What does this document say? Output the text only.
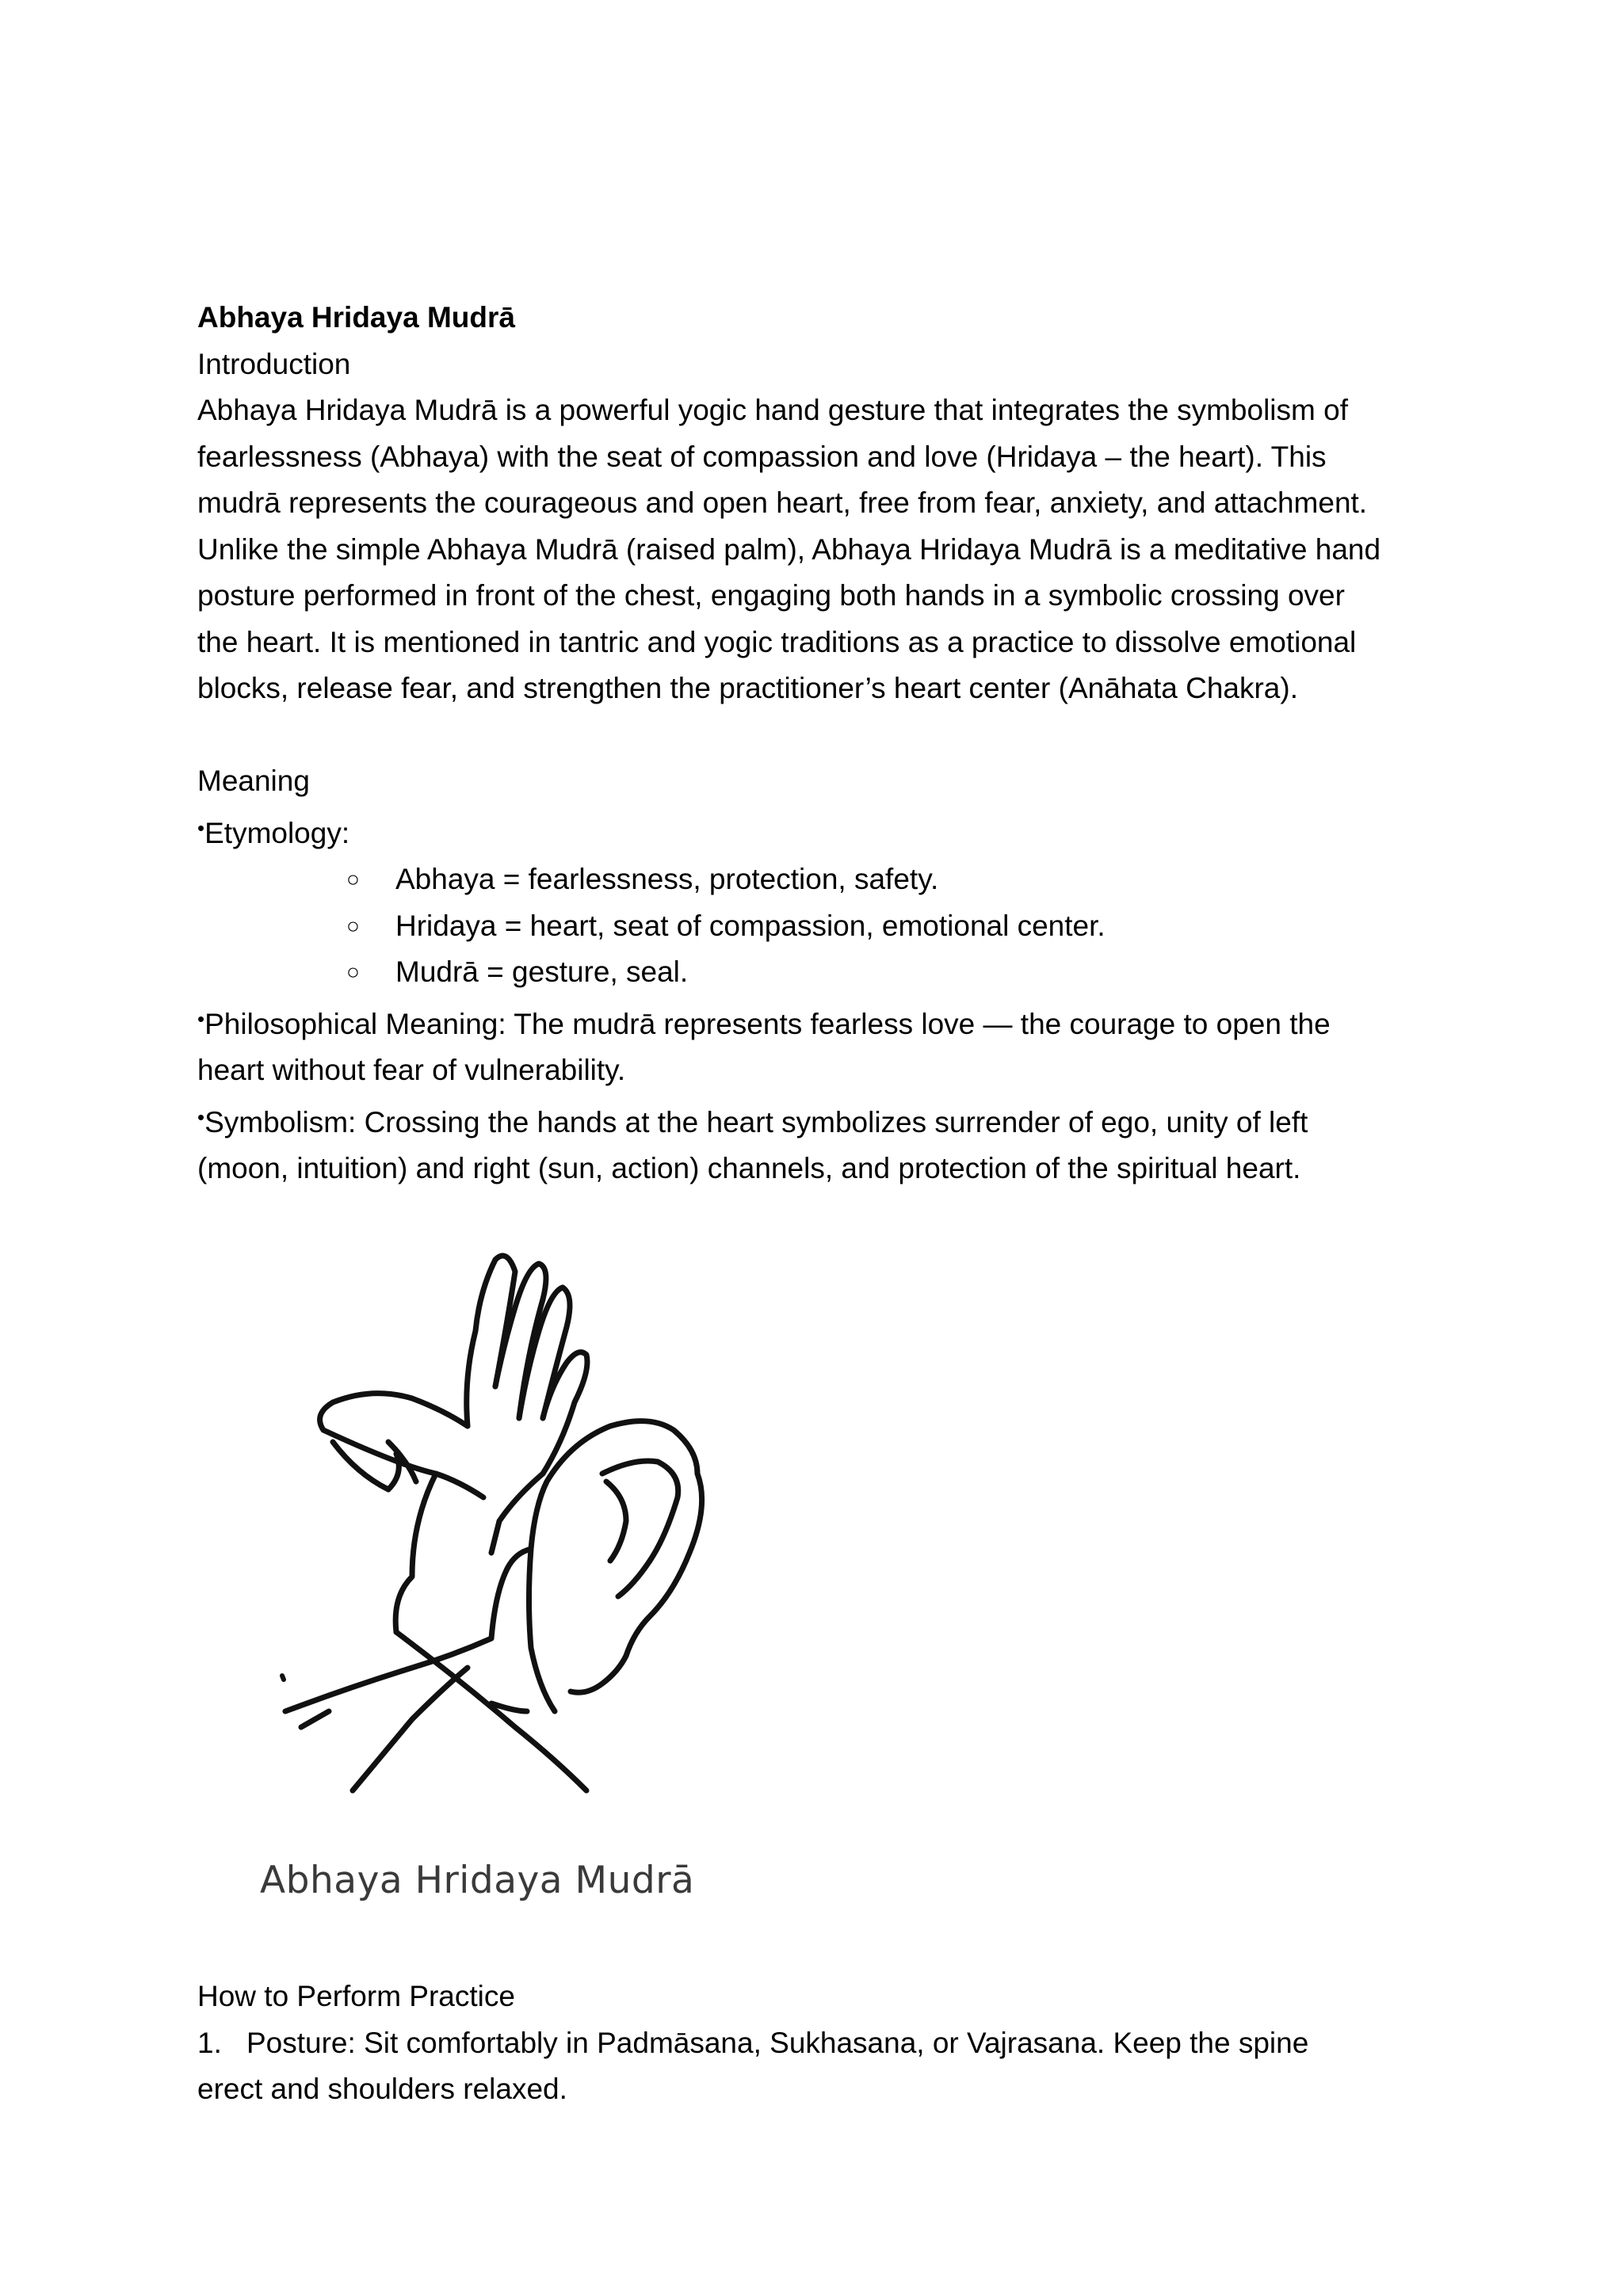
Abhaya Hridaya Mudrā

Introduction

Abhaya Hridaya Mudrā is a powerful yogic hand gesture that integrates the symbolism of

fearlessness (Abhaya) with the seat of compassion and love (Hridaya – the heart). This

mudrā represents the courageous and open heart, free from fear, anxiety, and attachment.

Unlike the simple Abhaya Mudrā (raised palm), Abhaya Hridaya Mudrā is a meditative hand

posture performed in front of the chest, engaging both hands in a symbolic crossing over

the heart. It is mentioned in tantric and yogic traditions as a practice to dissolve emotional

blocks, release fear, and strengthen the practitioner’s heart center (Anāhata Chakra).

Meaning

•Etymology:

○ Abhaya = fearlessness, protection, safety.
○ Hridaya = heart, seat of compassion, emotional center.
○ Mudrā = gesture, seal.

•Philosophical Meaning: The mudrā represents fearless love — the courage to open the

heart without fear of vulnerability.

•Symbolism: Crossing the hands at the heart symbolizes surrender of ego, unity of left

(moon, intuition) and right (sun, action) channels, and protection of the spiritual heart.

Abhaya Hridaya Mudrā

How to Perform Practice

1. Posture: Sit comfortably in Padmāsana, Sukhasana, or Vajrasana. Keep the spine

erect and shoulders relaxed.
